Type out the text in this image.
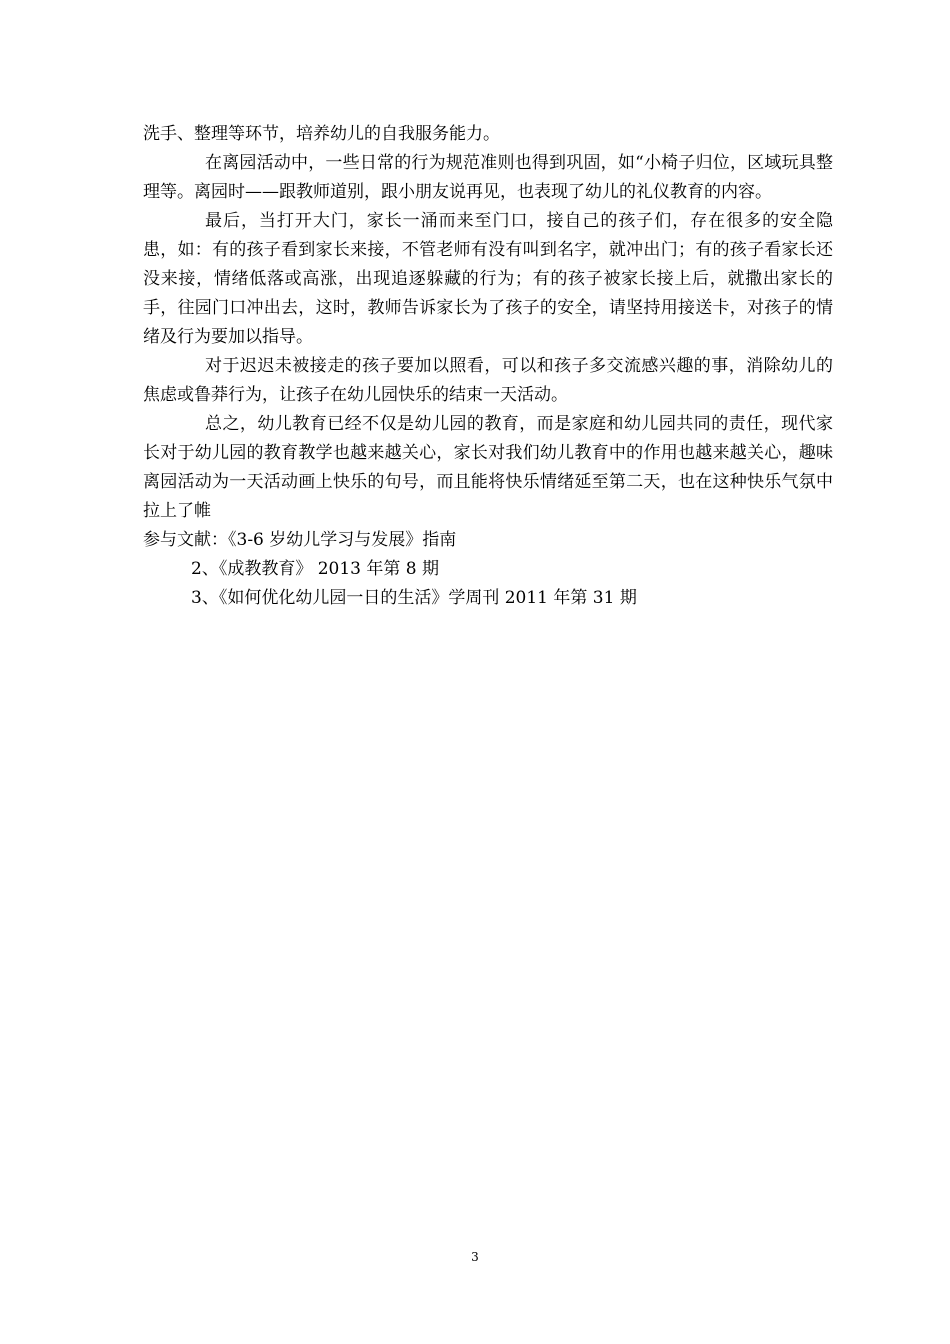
洗手、整理等环节，培养幼儿的自我服务能力。

在离园活动中，一些日常的行为规范准则也得到巩固，如“小椅子归位，区域玩具整理等。离园时——跟教师道别，跟小朋友说再见，也表现了幼儿的礼仪教育的内容。

最后，当打开大门，家长一涌而来至门口，接自己的孩子们，存在很多的安全隐患，如：有的孩子看到家长来接，不管老师有没有叫到名字，就冲出门；有的孩子看家长还没来接，情绪低落或高涨，出现追逐躲藏的行为；有的孩子被家长接上后，就撒出家长的手，往园门口冲出去，这时，教师告诉家长为了孩子的安全，请坚持用接送卡，对孩子的情绪及行为要加以指导。

对于迟迟未被接走的孩子要加以照看，可以和孩子多交流感兴趣的事，消除幼儿的焦虑或鲁莽行为，让孩子在幼儿园快乐的结束一天活动。

总之，幼儿教育已经不仅是幼儿园的教育，而是家庭和幼儿园共同的责任，现代家长对于幼儿园的教育教学也越来越关心，家长对我们幼儿教育中的作用也越来越关心，趣味离园活动为一天活动画上快乐的句号，而且能将快乐情绪延至第二天，也在这种快乐气氛中拉上了帷

参与文献：《3-6 岁幼儿学习与发展》指南

2、《成教教育》 2013 年第 8 期

3、《如何优化幼儿园一日的生活》学周刊 2011 年第 31 期

3
